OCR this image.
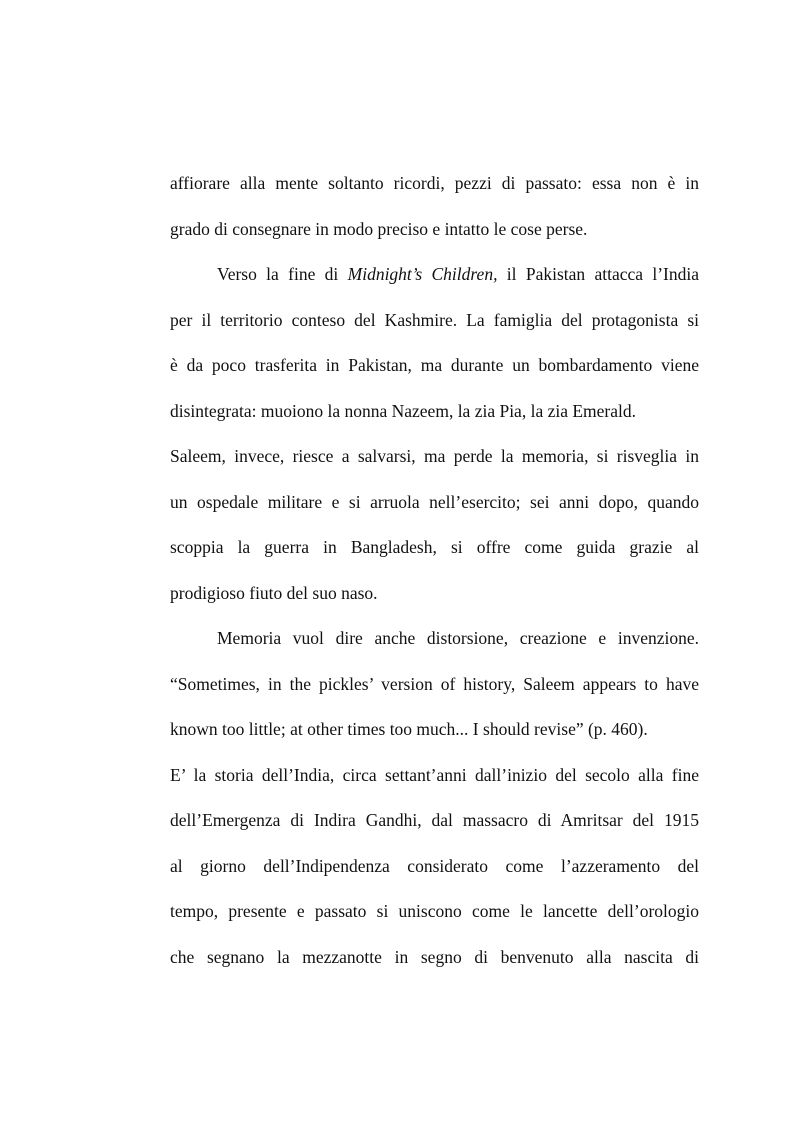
affiorare alla mente soltanto ricordi, pezzi di passato: essa non è in
grado di consegnare in modo preciso e intatto le cose perse.
Verso la fine di Midnight’s Children, il Pakistan attacca l’India
per il territorio conteso del Kashmire. La famiglia del protagonista si
è da poco trasferita in Pakistan, ma durante un bombardamento viene
disintegrata: muoiono la nonna Nazeem, la zia Pia, la zia Emerald.
Saleem, invece, riesce a salvarsi, ma perde la memoria, si risveglia in
un ospedale militare e si arruola nell’esercito; sei anni dopo, quando
scoppia la guerra in Bangladesh, si offre come guida grazie al
prodigioso fiuto del suo naso.
Memoria vuol dire anche distorsione, creazione e invenzione.
“Sometimes, in the pickles’ version of history, Saleem appears to have
known too little; at other times too much... I should revise” (p. 460).
E’ la storia dell’India, circa settant’anni dall’inizio del secolo alla fine
dell’Emergenza di Indira Gandhi, dal massacro di Amritsar del 1915
al giorno dell’Indipendenza considerato come l’azzeramento del
tempo, presente e passato si uniscono come le lancette dell’orologio
che segnano la mezzanotte in segno di benvenuto alla nascita di
